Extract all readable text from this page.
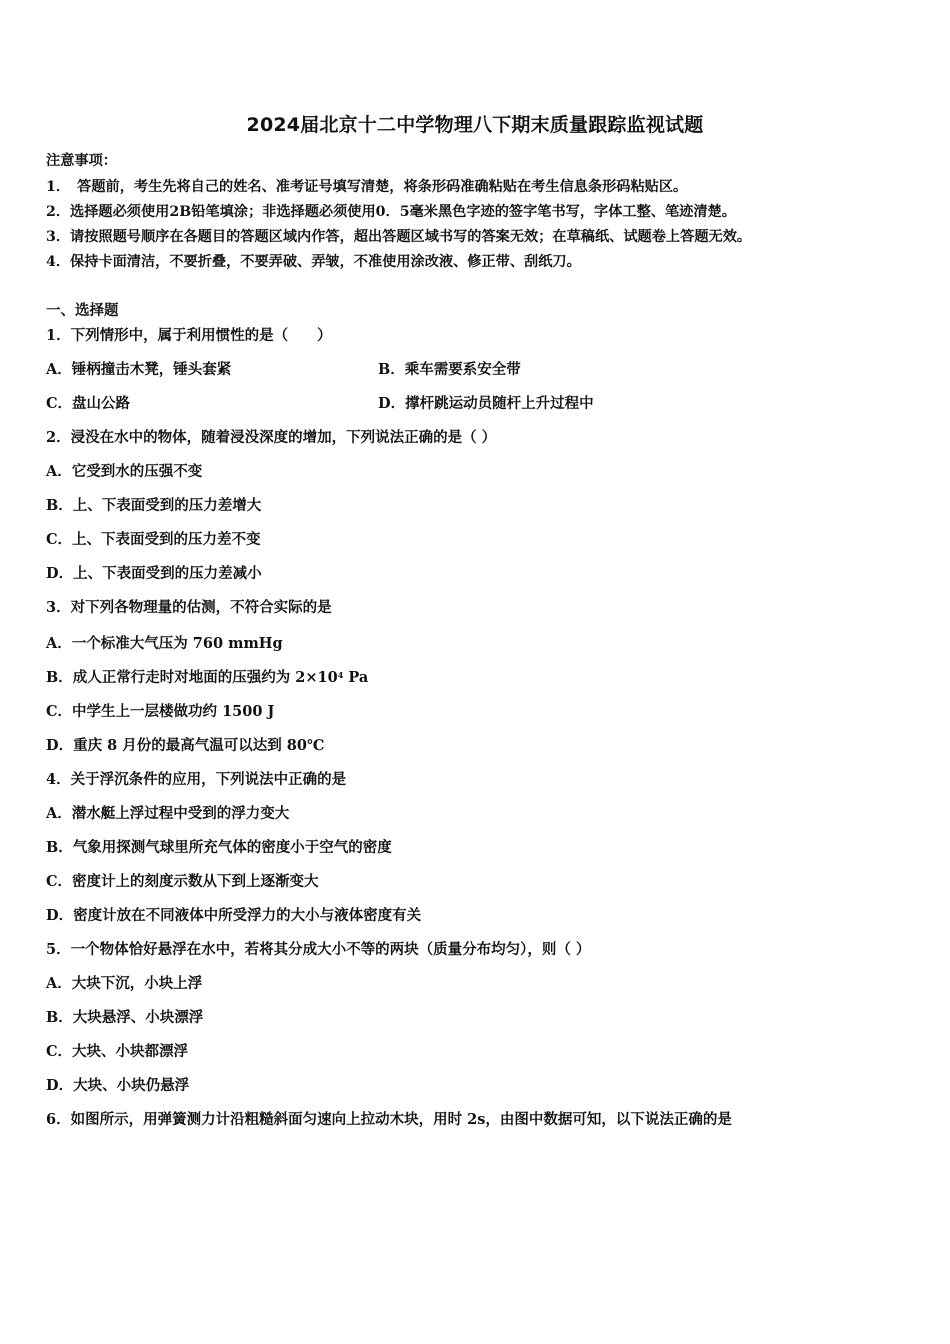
2024届北京十二中学物理八下期末质量跟踪监视试题
注意事项：
1．　答题前，考生先将自己的姓名、准考证号填写清楚，将条形码准确粘贴在考生信息条形码粘贴区。
2．选择题必须使用2B铅笔填涂；非选择题必须使用0．5毫米黑色字迹的签字笔书写，字体工整、笔迹清楚。
3．请按照题号顺序在各题目的答题区域内作答，超出答题区域书写的答案无效；在草稿纸、试题卷上答题无效。
4．保持卡面清洁，不要折叠，不要弄破、弄皱，不准使用涂改液、修正带、刮纸刀。
一、选择题
1．下列情形中，属于利用惯性的是（　　）
A．锤柄撞击木凳，锤头套紧	B．乘车需要系安全带
C．盘山公路	D．撑杆跳运动员随杆上升过程中
2．浸没在水中的物体，随着浸没深度的增加，下列说法正确的是（ ）
A．它受到水的压强不变
B．上、下表面受到的压力差增大
C．上、下表面受到的压力差不变
D．上、下表面受到的压力差减小
3．对下列各物理量的估测，不符合实际的是
A．一个标准大气压为 760 mmHg
B．成人正常行走时对地面的压强约为 $2\times 10^4$ Pa
C．中学生上一层楼做功约 1500 J
D．重庆 8 月份的最高气温可以达到 80℃
4．关于浮沉条件的应用，下列说法中正确的是
A．潜水艇上浮过程中受到的浮力变大
B．气象用探测气球里所充气体的密度小于空气的密度
C．密度计上的刻度示数从下到上逐渐变大
D．密度计放在不同液体中所受浮力的大小与液体密度有关
5．一个物体恰好悬浮在水中，若将其分成大小不等的两块（质量分布均匀），则（ ）
A．大块下沉，小块上浮
B．大块悬浮、小块漂浮
C．大块、小块都漂浮
D．大块、小块仍悬浮
6．如图所示，用弹簧测力计沿粗糙斜面匀速向上拉动木块，用时 2s，由图中数据可知，以下说法正确的是
